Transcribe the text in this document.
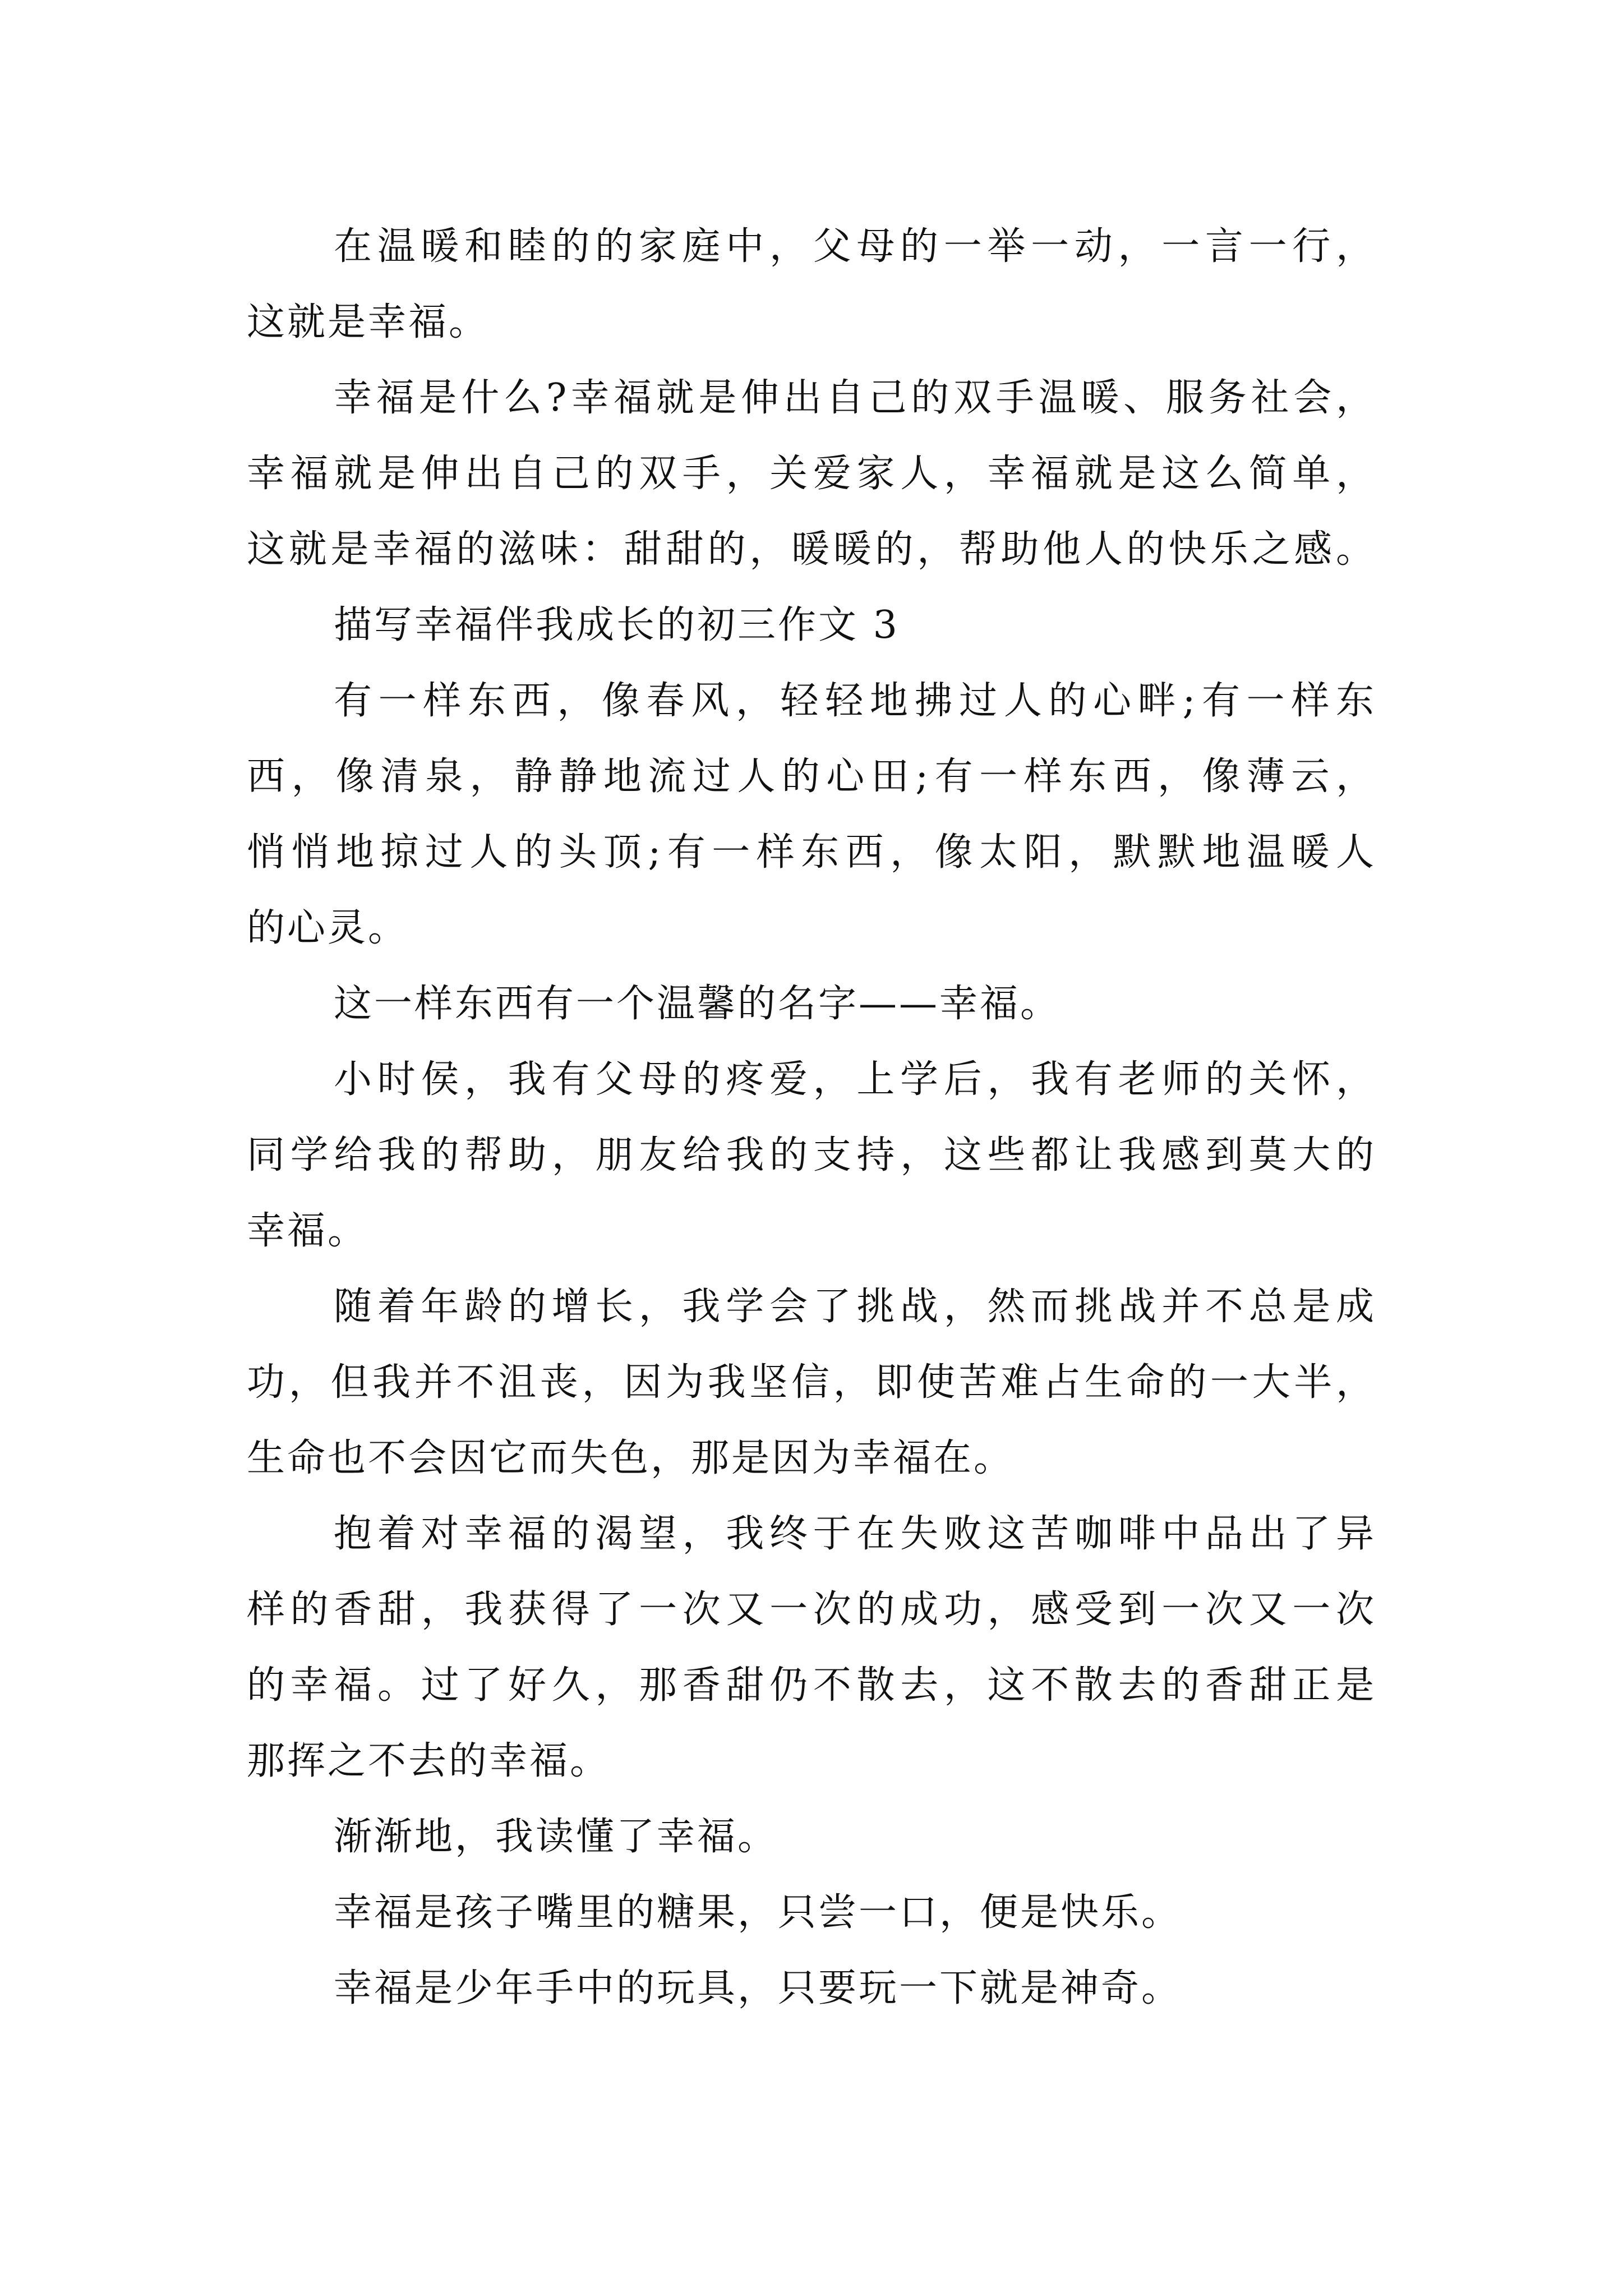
在温暖和睦的的家庭中，父母的一举一动，一言一行，
这就是幸福。
幸福是什么?幸福就是伸出自己的双手温暖、服务社会，
幸福就是伸出自己的双手，关爱家人，幸福就是这么简单，
这就是幸福的滋味：甜甜的，暖暖的，帮助他人的快乐之感。
描写幸福伴我成长的初三作文 3
有一样东西，像春风，轻轻地拂过人的心畔;有一样东
西，像清泉，静静地流过人的心田;有一样东西，像薄云，
悄悄地掠过人的头顶;有一样东西，像太阳，默默地温暖人
的心灵。
这一样东西有一个温馨的名字——幸福。
小时侯，我有父母的疼爱，上学后，我有老师的关怀，
同学给我的帮助，朋友给我的支持，这些都让我感到莫大的
幸福。
随着年龄的增长，我学会了挑战，然而挑战并不总是成
功，但我并不沮丧，因为我坚信，即使苦难占生命的一大半，
生命也不会因它而失色，那是因为幸福在。
抱着对幸福的渴望，我终于在失败这苦咖啡中品出了异
样的香甜，我获得了一次又一次的成功，感受到一次又一次
的幸福。过了好久，那香甜仍不散去，这不散去的香甜正是
那挥之不去的幸福。
渐渐地，我读懂了幸福。
幸福是孩子嘴里的糖果，只尝一口，便是快乐。
幸福是少年手中的玩具，只要玩一下就是神奇。
